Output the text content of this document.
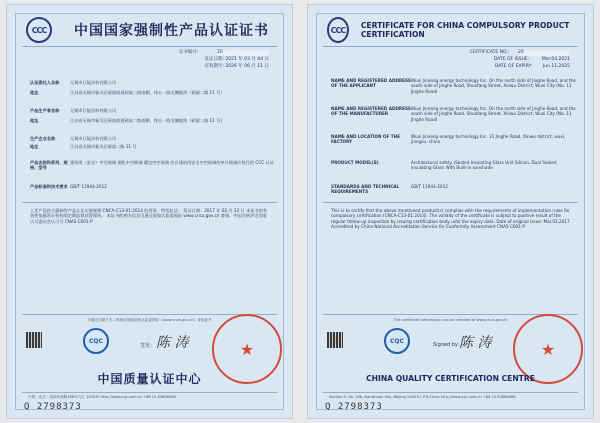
CCC 中国国家强制性产品认证证书
证书编号:	20
发证日期: 2021 年 03 月 04 日
有效期至: 2026 年 06 月 11 日
认证委托人名称	无锡市巨能涂料有限公司
地址	江苏省无锡市新吴区硕放街道硕放二路南侧、纬五一路北侧地块（硕放二路 11 号）
产品生产者名称	无锡市巨能涂料有限公司
地址	江苏省无锡市新吴区硕放街道硕放二路南侧、纬五一路北侧地块（硕放二路 11 号）
生产企业名称	无锡市巨能涂料有限公司
地址	江苏省无锡市新吴区硕放二路 11 号
产品名称和系列、规格、型号
建筑用（安全）中空玻璃 钢化中空玻璃 暖边中空玻璃 符合建筑用安全中空玻璃的单片玻璃应执行的 CCC 认证
产品标准和技术要求 GB/T 11944-2012
上述产品符合强制性产品认证实施规则 CNCA-C13-01:2014 的要求，特发此证。 发证日期：2017 年 02 月 22 日 本证书的有效性依据发证机构的定期监督获得保持。 本证书的相关信息可通过国家认监委网站 www.cnca.gov.cn 查询。中国合格评定国家认可委员会认可号 CNAS C001-P
可通过扫描下方二维码或登陆国家认监委网站（www.cnca.gov.cn）查询证书
CQC
签发： 陈 涛	★
中国质量认证中心
中国 · 北京 · 南四环西路188号九区 100070 http://www.cqc.com.cn +86 10 83886666
Q 2798373
CCC CERTIFICATE FOR CHINA COMPULSORY PRODUCT CERTIFICATION
CERTIFICATE NO.: 20
DATE OF ISSUE:	Mar.04,2021
DATE OF EXPIRY: Jun.11,2025
NAME AND REGISTERED ADDRESS OF THE APPLICANT
Wuxi Jinneng energy technology Inc. On the north side of Jinghe Road, and the south side of Jinghe Road, Shuofang Street, Xinwu District, Wuxi City (No. 11 Jinghe Road)
NAME AND REGISTERED ADDRESS OF THE MANUFACTURER
Wuxi Jinneng energy technology Inc. On the north side of Jinghe Road, and the south side of Jinghe Road, Shuofang Street, Xinwu District, Wuxi City (No. 11 Jinghe Road)
NAME AND LOCATION OF THE FACTORY
Wuxi Jinneng energy technology Inc. 11 Jinghe Road, Xinwu district, wuxi, jiangsu, china
PRODUCT MODEL(S)	Architectural safety (Sealed Insulating Glass Unit Silicon, Dual Sealed Insulating Glass With Built-in sunshade
STANDARDS AND TECHNICAL REQUIREMENTS
GB/T 11944-2012
This is to certify that the above mentioned product(s) complies with the requirements of implementation rules for compulsory certification (CNCA-C13-01:2014). The validity of the certificate is subject to positive result of the regular follow-up inspection by issuing certification body until the expiry date. Date of original issue: Mar.02,2017. Accredited by China National Accreditation Service for Conformity Assessment CNAS C001-P
The certificate information can be checked at www.cnca.gov.cn
CQC
Signed by: 陈 涛	★
CHINA QUALITY CERTIFICATION CENTRE
Section 9, No. 188, Nansihuan Xilu, Beijing 100070, P.R.China http://www.cqc.com.cn +86 10 83886666
Q 2798373
